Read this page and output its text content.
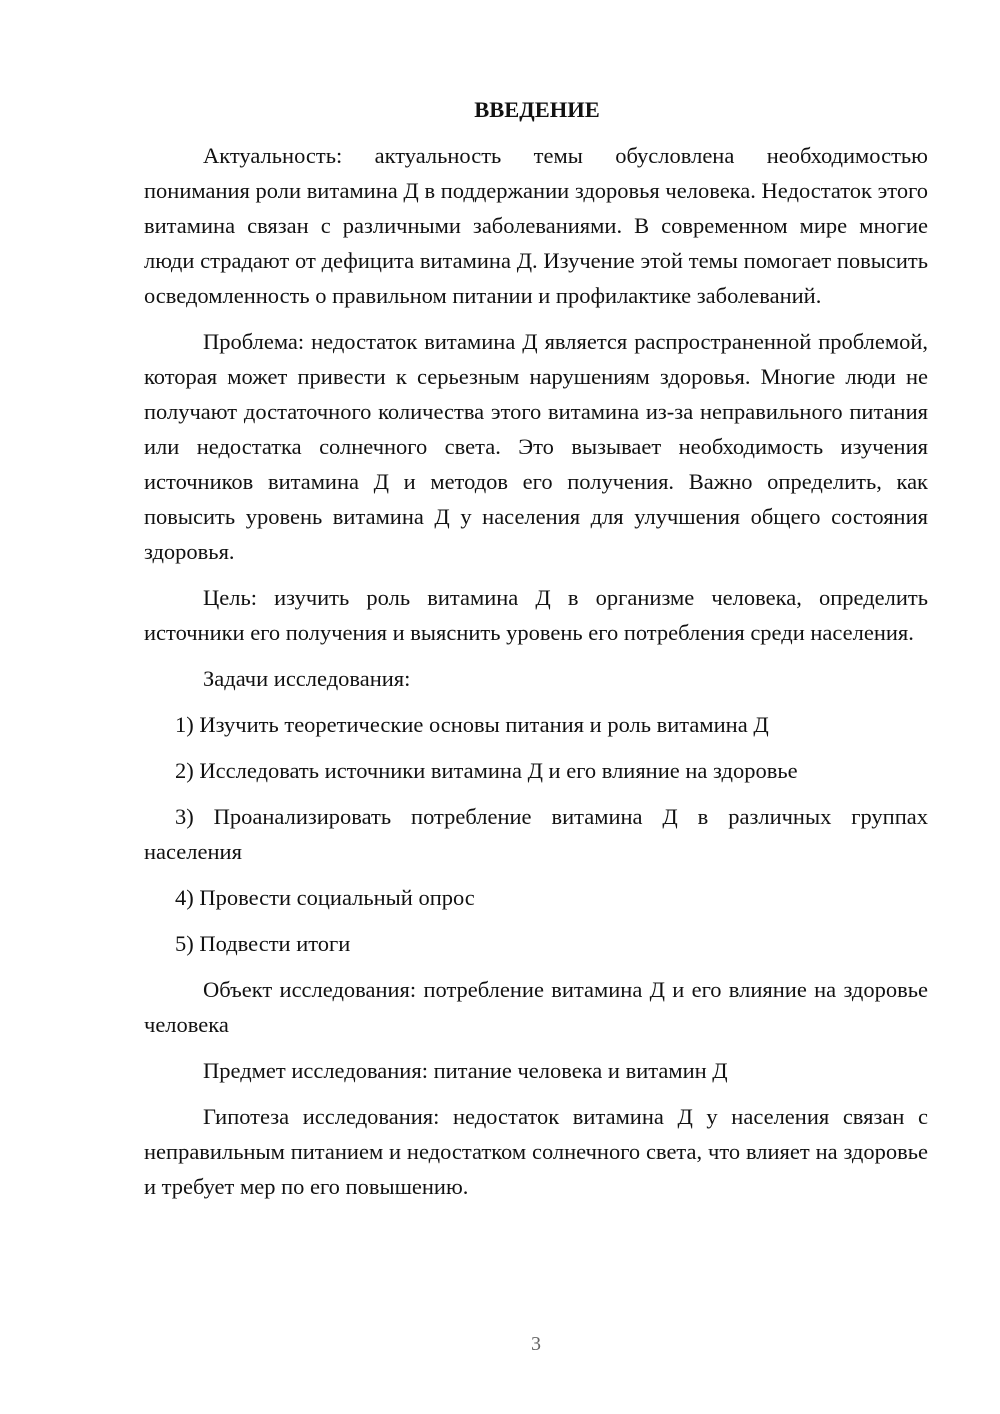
ВВЕДЕНИЕ

Актуальность: актуальность темы обусловлена необходимостью понимания роли витамина Д в поддержании здоровья человека. Недостаток этого витамина связан с различными заболеваниями. В современном мире многие люди страдают от дефицита витамина Д. Изучение этой темы помогает повысить осведомленность о правильном питании и профилактике заболеваний.

Проблема: недостаток витамина Д является распространенной проблемой, которая может привести к серьезным нарушениям здоровья. Многие люди не получают достаточного количества этого витамина из-за неправильного питания или недостатка солнечного света. Это вызывает необходимость изучения источников витамина Д и методов его получения. Важно определить, как повысить уровень витамина Д у населения для улучшения общего состояния здоровья.

Цель: изучить роль витамина Д в организме человека, определить источники его получения и выяснить уровень его потребления среди населения.

Задачи исследования:

1) Изучить теоретические основы питания и роль витамина Д

2) Исследовать источники витамина Д и его влияние на здоровье

3) Проанализировать потребление витамина Д в различных группах населения

4) Провести социальный опрос

5) Подвести итоги

Объект исследования: потребление витамина Д и его влияние на здоровье человека

Предмет исследования: питание человека и витамин Д

Гипотеза исследования: недостаток витамина Д у населения связан с неправильным питанием и недостатком солнечного света, что влияет на здоровье и требует мер по его повышению.

3
